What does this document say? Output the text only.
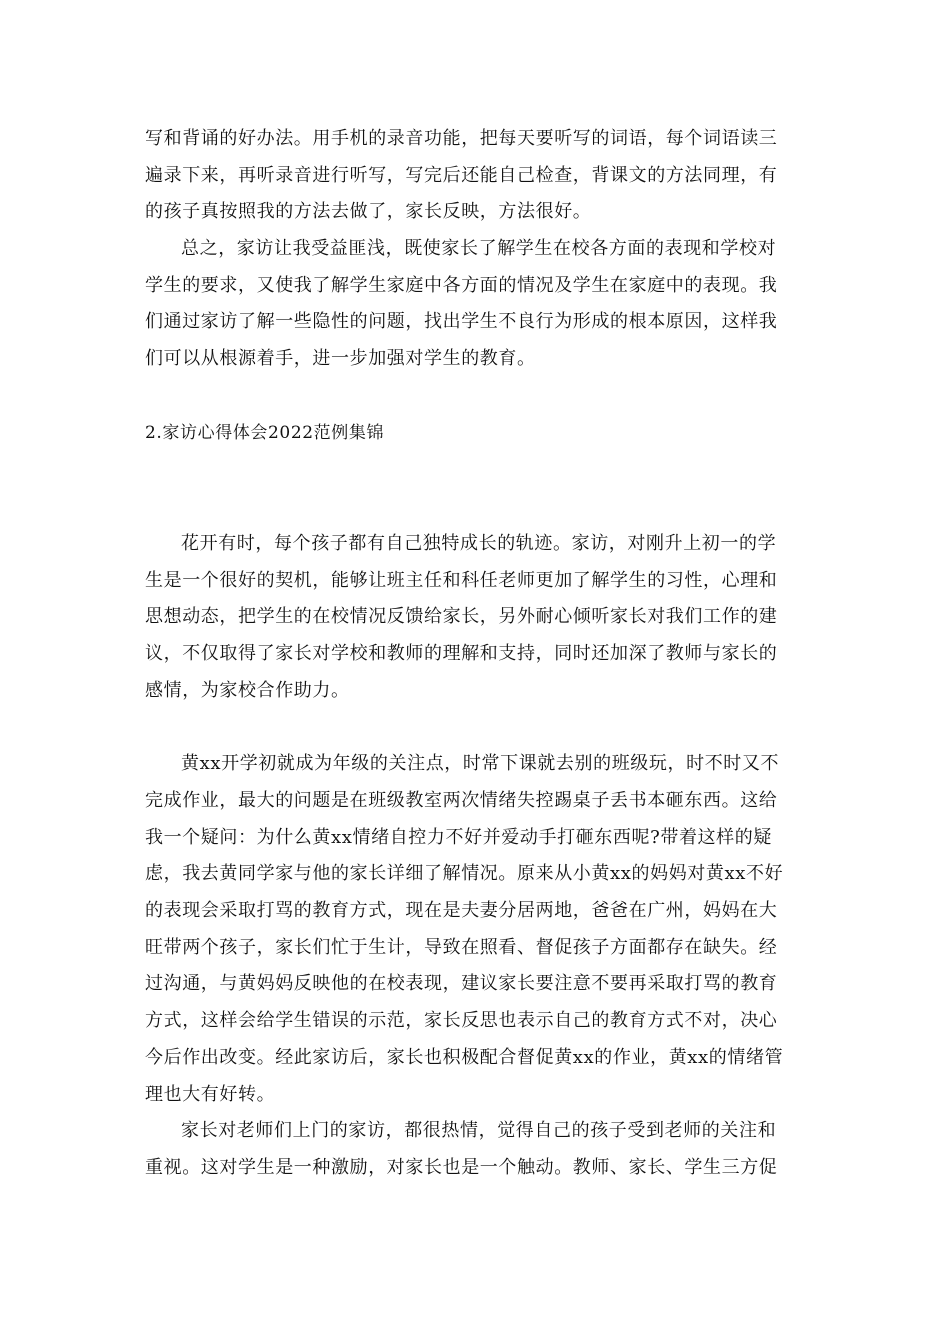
写和背诵的好办法。用手机的录音功能，把每天要听写的词语，每个词语读三
遍录下来，再听录音进行听写，写完后还能自己检查，背课文的方法同理，有
的孩子真按照我的方法去做了，家长反映，方法很好。
总之，家访让我受益匪浅，既使家长了解学生在校各方面的表现和学校对
学生的要求，又使我了解学生家庭中各方面的情况及学生在家庭中的表现。我
们通过家访了解一些隐性的问题，找出学生不良行为形成的根本原因，这样我
们可以从根源着手，进一步加强对学生的教育。
2.家访心得体会2022范例集锦
花开有时，每个孩子都有自己独特成长的轨迹。家访，对刚升上初一的学
生是一个很好的契机，能够让班主任和科任老师更加了解学生的习性，心理和
思想动态，把学生的在校情况反馈给家长，另外耐心倾听家长对我们工作的建
议，不仅取得了家长对学校和教师的理解和支持，同时还加深了教师与家长的
感情，为家校合作助力。
黄xx开学初就成为年级的关注点，时常下课就去别的班级玩，时不时又不
完成作业，最大的问题是在班级教室两次情绪失控踢桌子丢书本砸东西。这给
我一个疑问：为什么黄xx情绪自控力不好并爱动手打砸东西呢?带着这样的疑
虑，我去黄同学家与他的家长详细了解情况。原来从小黄xx的妈妈对黄xx不好
的表现会采取打骂的教育方式，现在是夫妻分居两地，爸爸在广州，妈妈在大
旺带两个孩子，家长们忙于生计，导致在照看、督促孩子方面都存在缺失。经
过沟通，与黄妈妈反映他的在校表现，建议家长要注意不要再采取打骂的教育
方式，这样会给学生错误的示范，家长反思也表示自己的教育方式不对，决心
今后作出改变。经此家访后，家长也积极配合督促黄xx的作业，黄xx的情绪管
理也大有好转。
家长对老师们上门的家访，都很热情，觉得自己的孩子受到老师的关注和
重视。这对学生是一种激励，对家长也是一个触动。教师、家长、学生三方促
